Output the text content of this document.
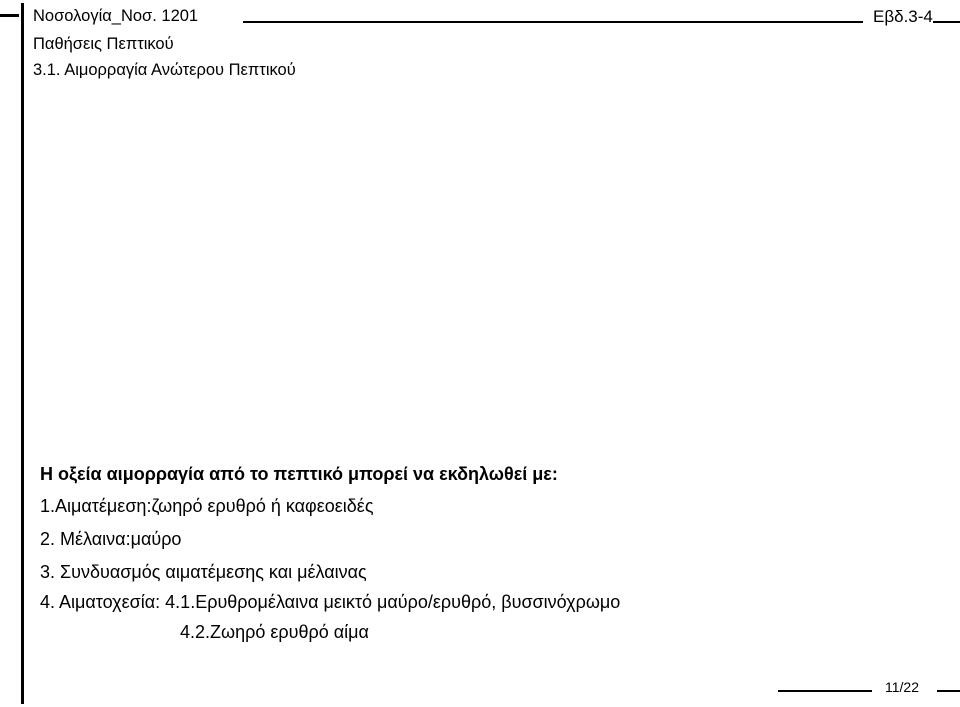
Νοσολογία_Νοσ. 1201
Παθήσεις Πεπτικού
3.1. Αιμορραγία Ανώτερου Πεπτικού
Εβδ.3-4
Η οξεία αιμορραγία από το πεπτικό μπορεί να εκδηλωθεί με:
1.Αιματέμεση:ζωηρό ερυθρό ή καφεοειδές
2. Μέλαινα:μαύρο
3. Συνδυασμός αιματέμεσης και μέλαινας
4. Αιματοχεσία: 4.1.Ερυθρομέλαινα μεικτό μαύρο/ερυθρό, βυσσινόχρωμο
4.2.Ζωηρό ερυθρό αίμα
11/22
